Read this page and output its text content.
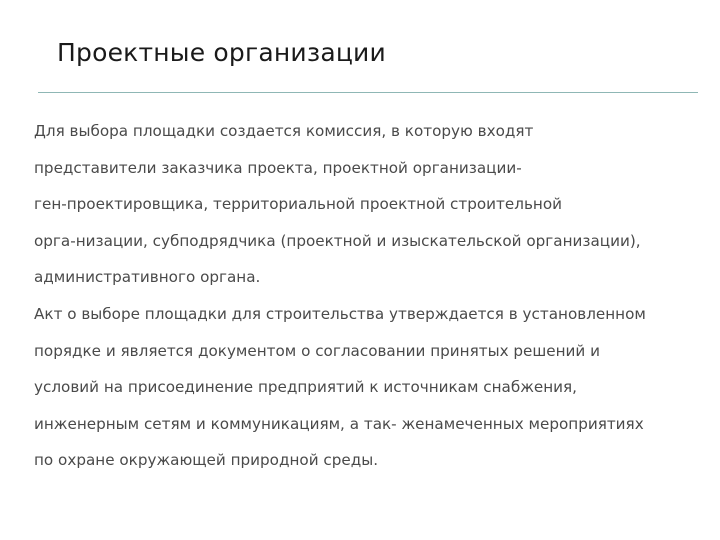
Проектные организации
Для выбора площадки создается комиссия, в которую входят
представители заказчика проекта, проектной организации-
ген-проектировщика, территориальной проектной строительной
орга-низации, субподрядчика (проектной и изыскательской организации),
административного органа.
Акт о выборе площадки для строительства утверждается в установленном
порядке и является документом о согласовании принятых решений и
условий на присоединение предприятий к источникам снабжения,
инженерным сетям и коммуникациям, а так- женамеченных мероприятиях
по охране окружающей природной среды.
